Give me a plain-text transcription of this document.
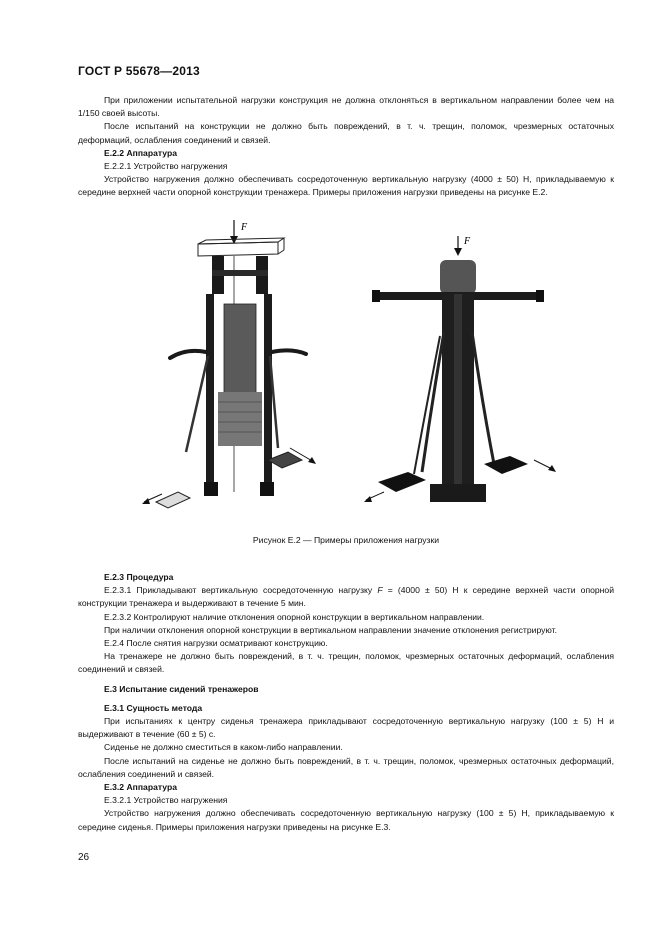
ГОСТ Р 55678—2013

При приложении испытательной нагрузки конструкция не должна отклоняться в вертикальном направлении более чем на 1/150 своей высоты.

После испытаний на конструкции не должно быть повреждений, в т. ч. трещин, поломок, чрезмерных остаточных деформаций, ослабления соединений и связей.

Е.2.2 Аппаратура

Е.2.2.1 Устройство нагружения

Устройство нагружения должно обеспечивать сосредоточенную вертикальную нагрузку (4000 ± 50) Н, прикладываемую к середине верхней части опорной конструкции тренажера. Примеры приложения нагрузки приведены на рисунке Е.2.

F
F

Рисунок Е.2 — Примеры приложения нагрузки

Е.2.3 Процедура

Е.2.3.1 Прикладывают вертикальную сосредоточенную нагрузку F = (4000 ± 50) Н к середине верхней части опорной конструкции тренажера и выдерживают в течение 5 мин.

Е.2.3.2 Контролируют наличие отклонения опорной конструкции в вертикальном направлении.

При наличии отклонения опорной конструкции в вертикальном направлении значение отклонения регистрируют.

Е.2.4 После снятия нагрузки осматривают конструкцию.

На тренажере не должно быть повреждений, в т. ч. трещин, поломок, чрезмерных остаточных деформаций, ослабления соединений и связей.

Е.3 Испытание сидений тренажеров

Е.3.1 Сущность метода

При испытаниях к центру сиденья тренажера прикладывают сосредоточенную вертикальную нагрузку (100 ± 5) Н и выдерживают в течение (60 ± 5) с.

Сиденье не должно сместиться в каком-либо направлении.

После испытаний на сиденье не должно быть повреждений, в т. ч. трещин, поломок, чрезмерных остаточных деформаций, ослабления соединений и связей.

Е.3.2 Аппаратура

Е.3.2.1 Устройство нагружения

Устройство нагружения должно обеспечивать сосредоточенную вертикальную нагрузку (100 ± 5) Н, прикладываемую к середине сиденья. Примеры приложения нагрузки приведены на рисунке Е.3.

26
